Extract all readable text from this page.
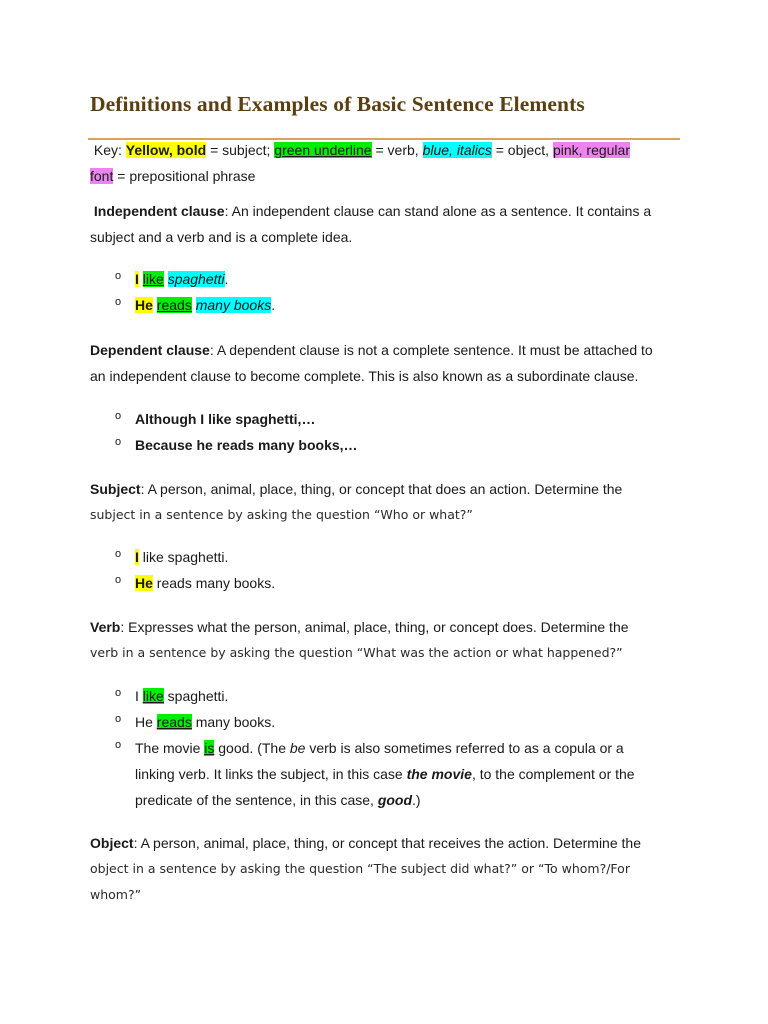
Definitions and Examples of Basic Sentence Elements

Key: Yellow, bold = subject; green underline = verb, blue, italics = object, pink, regular
font = prepositional phrase

Independent clause: An independent clause can stand alone as a sentence. It contains a
subject and a verb and is a complete idea.

o I like spaghetti.
o He reads many books.

Dependent clause: A dependent clause is not a complete sentence. It must be attached to
an independent clause to become complete. This is also known as a subordinate clause.

o Although I like spaghetti,…
o Because he reads many books,…

Subject: A person, animal, place, thing, or concept that does an action. Determine the
subject in a sentence by asking the question “Who or what?”

o I like spaghetti.
o He reads many books.

Verb: Expresses what the person, animal, place, thing, or concept does. Determine the
verb in a sentence by asking the question “What was the action or what happened?”

o I like spaghetti.
o He reads many books.
o The movie is good. (The be verb is also sometimes referred to as a copula or a
linking verb. It links the subject, in this case the movie, to the complement or the
predicate of the sentence, in this case, good.)

Object: A person, animal, place, thing, or concept that receives the action. Determine the
object in a sentence by asking the question “The subject did what?” or “To whom?/For
whom?”
